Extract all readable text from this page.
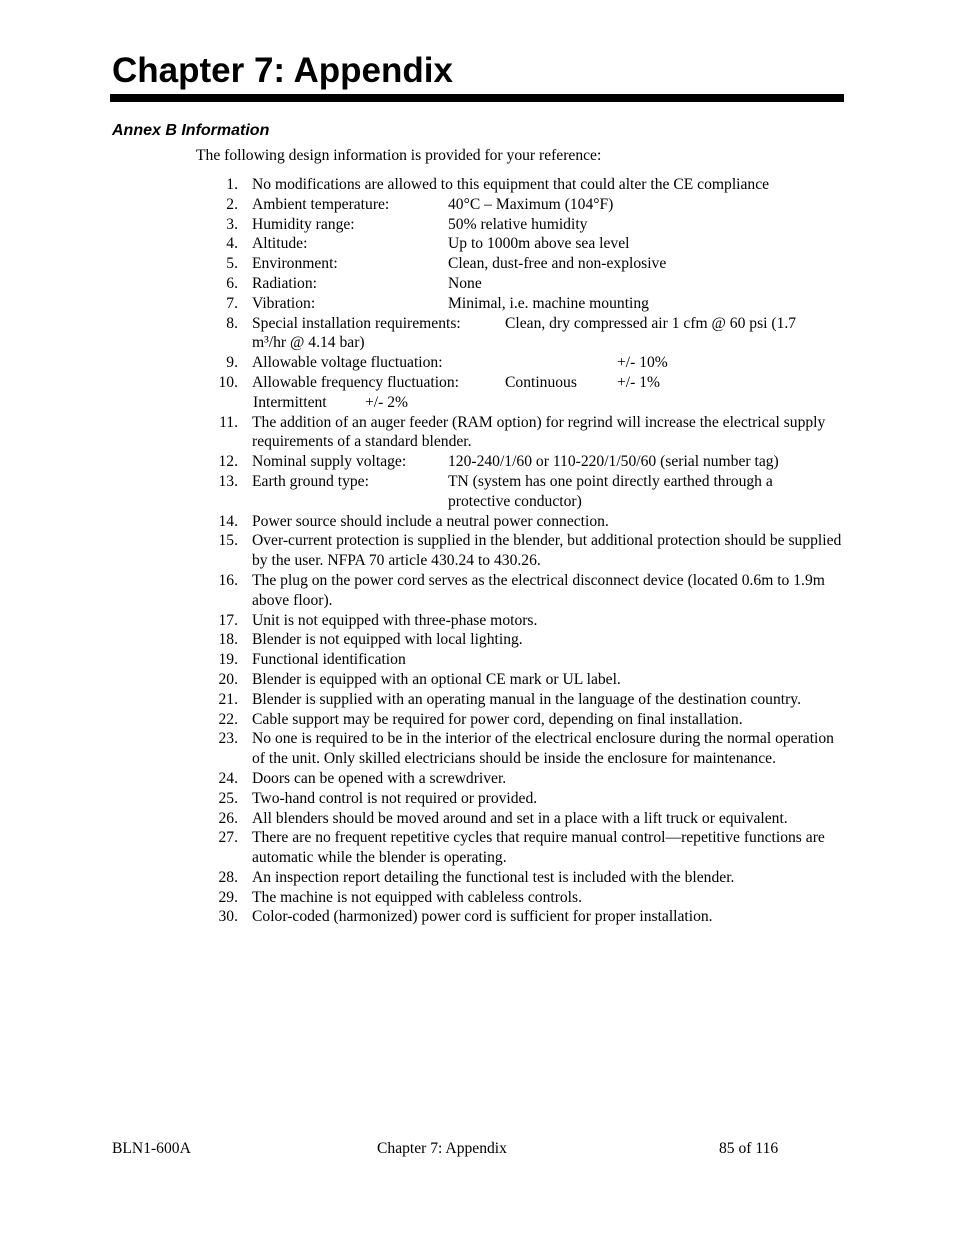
Chapter 7: Appendix
Annex B Information

The following design information is provided for your reference:

1. No modifications are allowed to this equipment that could alter the CE compliance
2.
Ambient temperature:	40°C – Maximum (104°F)
3.
Humidity range:	50% relative humidity
4.
Altitude:	Up to 1000m above sea level
5.
Environment:	Clean, dust-free and non-explosive
6.
Radiation:	None
7.
Vibration:	Minimal, i.e. machine mounting
8.
Special installation requirements:	Clean, dry compressed air 1 cfm @ 60 psi (1.7
m³/hr @ 4.14 bar)
9.
Allowable voltage fluctuation:	+/- 10%
10.
Allowable frequency fluctuation:	Continuous	+/- 1%

Intermittent +/- 2%
11. The addition of an auger feeder (RAM option) for regrind will increase the electrical supply requirements of a standard blender.
12.
Nominal supply voltage:	120-240/1/60 or 110-220/1/50/60 (serial number tag)
13.
Earth ground type:	TN (system has one point directly earthed through a
protective conductor)
14. Power source should include a neutral power connection.
15. Over-current protection is supplied in the blender, but additional protection should be supplied by the user. NFPA 70 article 430.24 to 430.26.
16. The plug on the power cord serves as the electrical disconnect device (located 0.6m to 1.9m above floor).
17. Unit is not equipped with three-phase motors.
18. Blender is not equipped with local lighting.
19. Functional identification
20. Blender is equipped with an optional CE mark or UL label.
21. Blender is supplied with an operating manual in the language of the destination country.
22. Cable support may be required for power cord, depending on final installation.
23. No one is required to be in the interior of the electrical enclosure during the normal operation of the unit. Only skilled electricians should be inside the enclosure for maintenance.
24. Doors can be opened with a screwdriver.
25. Two-hand control is not required or provided.
26. All blenders should be moved around and set in a place with a lift truck or equivalent.
27. There are no frequent repetitive cycles that require manual control—repetitive functions are automatic while the blender is operating.
28. An inspection report detailing the functional test is included with the blender.
29. The machine is not equipped with cableless controls.
30. Color-coded (harmonized) power cord is sufficient for proper installation.
BLN1-600A	Chapter 7: Appendix	85 of 116
